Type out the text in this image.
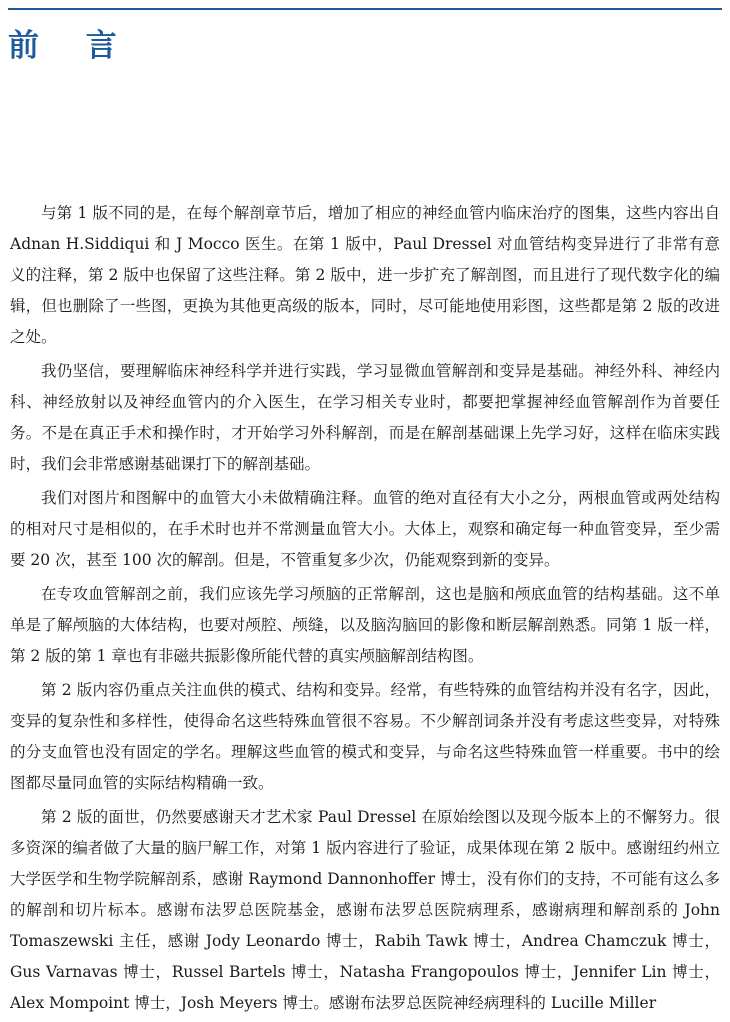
前 言

与第 1 版不同的是，在每个解剖章节后，增加了相应的神经血管内临床治疗的图集，这些内容出自 Adnan H.Siddiqui 和 J Mocco 医生。在第 1 版中，Paul Dressel 对血管结构变异进行了非常有意义的注释，第 2 版中也保留了这些注释。第 2 版中，进一步扩充了解剖图，而且进行了现代数字化的编辑，但也删除了一些图，更换为其他更高级的版本，同时，尽可能地使用彩图，这些都是第 2 版的改进之处。

我仍坚信，要理解临床神经科学并进行实践，学习显微血管解剖和变异是基础。神经外科、神经内科、神经放射以及神经血管内的介入医生，在学习相关专业时，都要把掌握神经血管解剖作为首要任务。不是在真正手术和操作时，才开始学习外科解剖，而是在解剖基础课上先学习好，这样在临床实践时，我们会非常感谢基础课打下的解剖基础。

我们对图片和图解中的血管大小未做精确注释。血管的绝对直径有大小之分，两根血管或两处结构的相对尺寸是相似的，在手术时也并不常测量血管大小。大体上，观察和确定每一种血管变异，至少需要 20 次，甚至 100 次的解剖。但是，不管重复多少次，仍能观察到新的变异。

在专攻血管解剖之前，我们应该先学习颅脑的正常解剖，这也是脑和颅底血管的结构基础。这不单单是了解颅脑的大体结构，也要对颅腔、颅缝，以及脑沟脑回的影像和断层解剖熟悉。同第 1 版一样，第 2 版的第 1 章也有非磁共振影像所能代替的真实颅脑解剖结构图。

第 2 版内容仍重点关注血供的模式、结构和变异。经常，有些特殊的血管结构并没有名字，因此，变异的复杂性和多样性，使得命名这些特殊血管很不容易。不少解剖词条并没有考虑这些变异，对特殊的分支血管也没有固定的学名。理解这些血管的模式和变异，与命名这些特殊血管一样重要。书中的绘图都尽量同血管的实际结构精确一致。

第 2 版的面世，仍然要感谢天才艺术家 Paul Dressel 在原始绘图以及现今版本上的不懈努力。很多资深的编者做了大量的脑尸解工作，对第 1 版内容进行了验证，成果体现在第 2 版中。感谢纽约州立大学医学和生物学院解剖系，感谢 Raymond Dannonhoffer 博士，没有你们的支持，不可能有这么多的解剖和切片标本。感谢布法罗总医院基金，感谢布法罗总医院病理系，感谢病理和解剖系的 John Tomaszewski 主任，感谢 Jody Leonardo 博士，Rabih Tawk 博士，Andrea Chamczuk 博士，Gus Varnavas 博士，Russel Bartels 博士，Natasha Frangopoulos 博士，Jennifer Lin 博士，Alex Mompoint 博士，Josh Meyers 博士。感谢布法罗总医院神经病理科的 Lucille Miller
